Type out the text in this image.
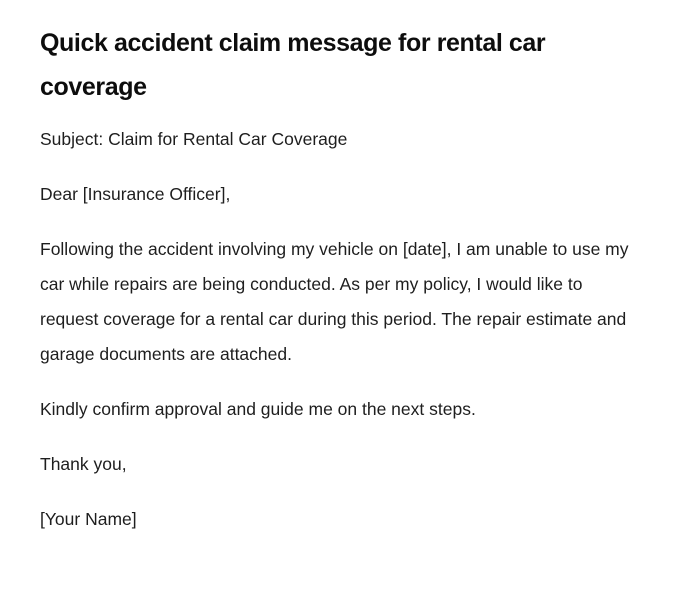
Quick accident claim message for rental car coverage

Subject: Claim for Rental Car Coverage

Dear [Insurance Officer],

Following the accident involving my vehicle on [date], I am unable to use my car while repairs are being conducted. As per my policy, I would like to request coverage for a rental car during this period. The repair estimate and garage documents are attached.

Kindly confirm approval and guide me on the next steps.

Thank you,

[Your Name]
